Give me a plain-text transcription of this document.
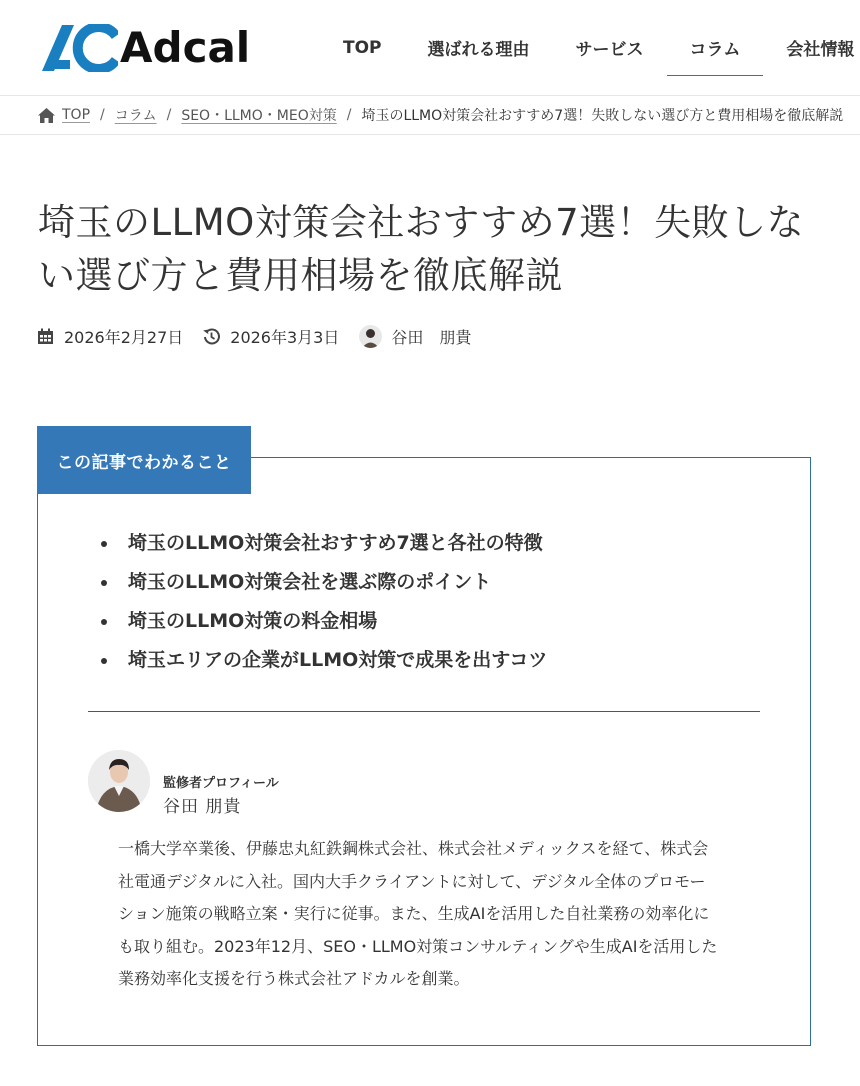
Adcal	TOP	選ばれる理由	サービス	コラム	会社情報
TOP / コラム / SEO・LLMO・MEO対策 / 埼玉のLLMO対策会社おすすめ7選！失敗しない選び方と費用相場を徹底解説
埼玉のLLMO対策会社おすすめ7選！失敗しない選び方と費用相場を徹底解説
2026年2月27日	2026年3月3日	谷田　朋貴
この記事でわかること
埼玉のLLMO対策会社おすすめ7選と各社の特徴
埼玉のLLMO対策会社を選ぶ際のポイント
埼玉のLLMO対策の料金相場
埼玉エリアの企業がLLMO対策で成果を出すコツ
監修者プロフィール
谷田 朋貴

一橋大学卒業後、伊藤忠丸紅鉄鋼株式会社、株式会社メディックスを経て、株式会社電通デジタルに入社。国内大手クライアントに対して、デジタル全体のプロモーション施策の戦略立案・実行に従事。また、生成AIを活用した自社業務の効率化にも取り組む。2023年12月、SEO・LLMO対策コンサルティングや生成AIを活用した業務効率化支援を行う株式会社アドカルを創業。
